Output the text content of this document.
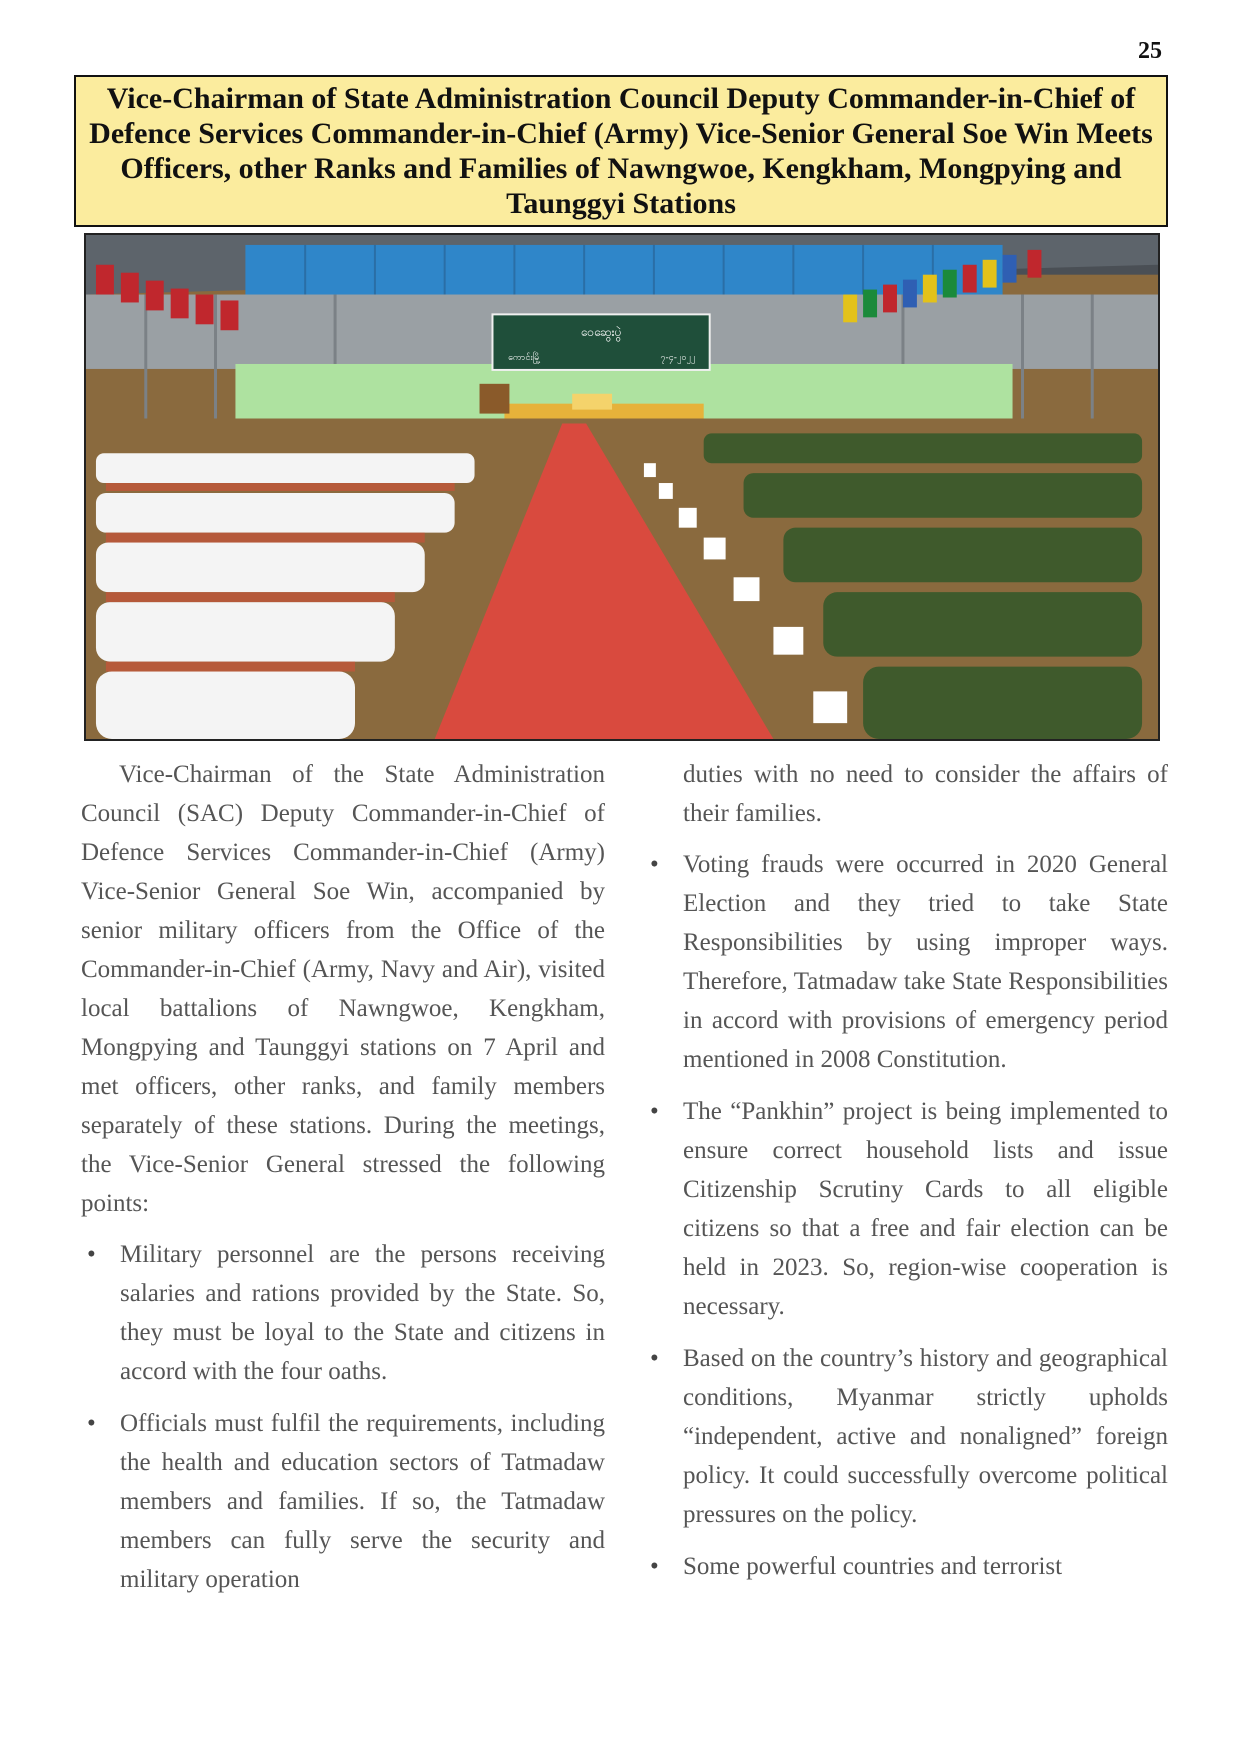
25
Vice-Chairman of State Administration Council Deputy Commander-in-Chief of Defence Services Commander-in-Chief (Army) Vice-Senior General Soe Win Meets Officers, other Ranks and Families of Nawngwoe, Kengkham, Mongpying and Taunggyi Stations
ဝေဆွေးပွဲ
ကောင်းမြို့	၇-၄-၂၀၂၂

Vice-Chairman of the State Administration Council (SAC) Deputy Commander-in-Chief of Defence Services Commander-in-Chief (Army) Vice-Senior General Soe Win, accompanied by senior military officers from the Office of the Commander-in-Chief (Army, Navy and Air), visited local battalions of Nawngwoe, Kengkham, Mongpying and Taunggyi stations on 7 April and met officers, other ranks, and family members separately of these stations. During the meetings, the Vice-Senior General stressed the following points:

• Military personnel are the persons receiving salaries and rations provided by the State. So, they must be loyal to the State and citizens in accord with the four oaths.
• Officials must fulfil the requirements, including the health and education sectors of Tatmadaw members and families. If so, the Tatmadaw members can fully serve the security and military operation

duties with no need to consider the affairs of their families.

• Voting frauds were occurred in 2020 General Election and they tried to take State Responsibilities by using improper ways. Therefore, Tatmadaw take State Responsibilities in accord with provisions of emergency period mentioned in 2008 Constitution.
• The “Pankhin” project is being implemented to ensure correct household lists and issue Citizenship Scrutiny Cards to all eligible citizens so that a free and fair election can be held in 2023. So, region-wise cooperation is necessary.
• Based on the country’s history and geographical conditions, Myanmar strictly upholds “independent, active and nonaligned” foreign policy. It could successfully overcome political pressures on the policy.
• Some powerful countries and terrorist
